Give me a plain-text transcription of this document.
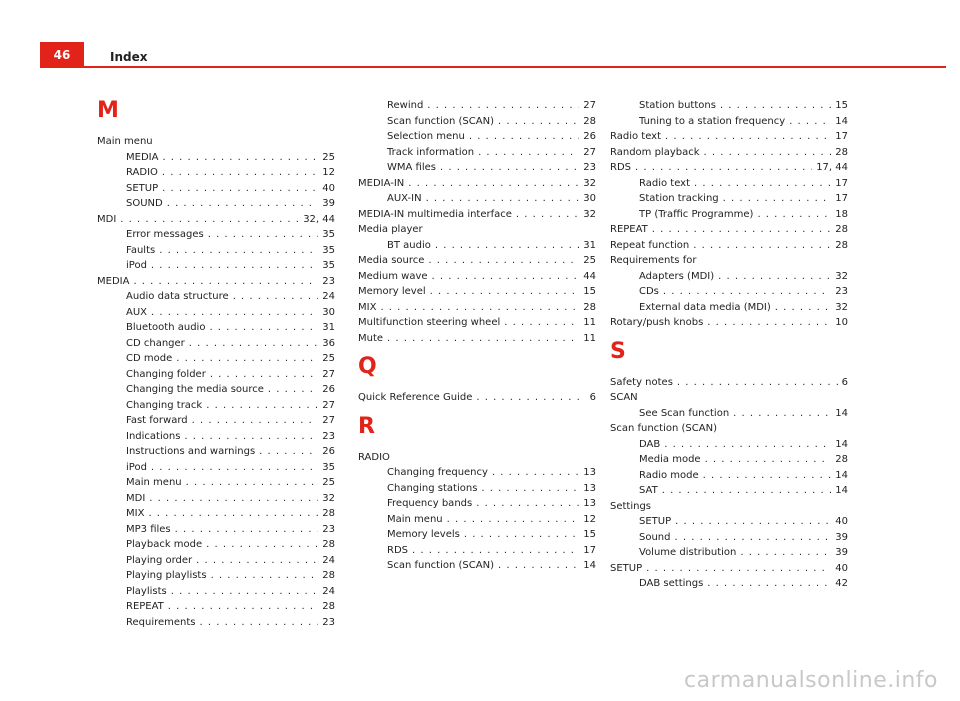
46	Index
M
Main menu
MEDIA . . .	25
RADIO . . .	12
SETUP . . .	40
SOUND . . .	39
MDI . . .	32, 44
Error messages . . .	35
Faults . . .	35
iPod . . .	35
MEDIA . . .	23
Audio data structure . . .	24
AUX . . .	30
Bluetooth audio . . .	31
CD changer . . .	36
CD mode . . .	25
Changing folder . . .	27
Changing the media source . . .	26
Changing track . . .	27
Fast forward . . .	27
Indications . . .	23
Instructions and warnings . . .	26
iPod . . .	35
Main menu . . .	25
MDI . . .	32
MIX . . .	28
MP3 files . . .	23
Playback mode . . .	28
Playing order . . .	24
Playing playlists . . .	28
Playlists . . .	24
REPEAT . . .	28
Requirements . . .	23
Rewind . . .	27
Scan function (SCAN) . . .	28
Selection menu . . .	26
Track information . . .	27
WMA files . . .	23
MEDIA-IN . . .	32
AUX-IN . . .	30
MEDIA-IN multimedia interface . . .	32
Media player
BT audio . . .	31
Media source . . .	25
Medium wave . . .	44
Memory level . . .	15
MIX . . .	28
Multifunction steering wheel . . .	11
Mute . . .	11
Q
Quick Reference Guide . . .	6
R
RADIO
Changing frequency . . .	13
Changing stations . . .	13
Frequency bands . . .	13
Main menu . . .	12
Memory levels . . .	15
RDS . . .	17
Scan function (SCAN) . . .	14
Station buttons . . .	15
Tuning to a station frequency . . .	14
Radio text . . .	17
Random playback . . .	28
RDS . . .	17, 44
Radio text . . .	17
Station tracking . . .	17
TP (Traffic Programme) . . .	18
REPEAT . . .	28
Repeat function . . .	28
Requirements for
Adapters (MDI) . . .	32
CDs . . .	23
External data media (MDI) . . .	32
Rotary/push knobs . . .	10
S
Safety notes . . .	6
SCAN
See Scan function . . .	14
Scan function (SCAN)
DAB . . .	14
Media mode . . .	28
Radio mode . . .	14
SAT . . .	14
Settings
SETUP . . .	40
Sound . . .	39
Volume distribution . . .	39
SETUP . . .	40
DAB settings . . .	42
carmanualsonline.info
